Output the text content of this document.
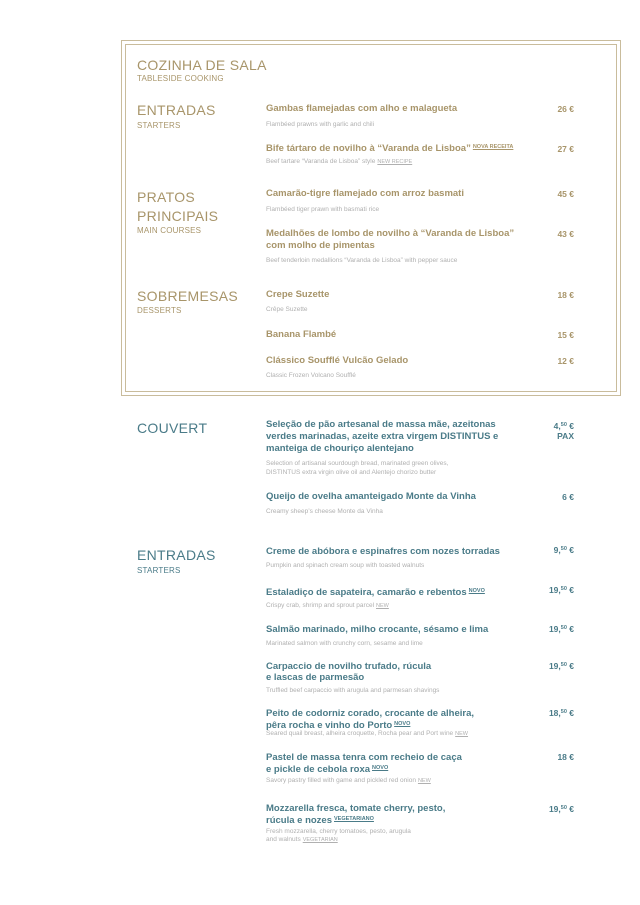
COZINHA DE SALA
TABLESIDE COOKING
ENTRADAS
STARTERS
Gambas flamejadas com alho e malagueta
Flambéed prawns with garlic and chili
26 €
Bife tártaro de novilho à “Varanda de Lisboa” $^{NOVA RECEITA}$
Beef tartare “Varanda de Lisboa” style NEW RECIPE
27 €
PRATOS
PRINCIPAIS
MAIN COURSES
Camarão-tigre flamejado com arroz basmati
Flambéed tiger prawn with basmati rice
45 €
Medalhões de lombo de novilho à “Varanda de Lisboa”
com molho de pimentas
Beef tenderloin medallions “Varanda de Lisboa” with pepper sauce
43 €
SOBREMESAS
DESSERTS
Crepe Suzette
Crêpe Suzette
18 €
Banana Flambé	15 €
Clássico Soufflé Vulcão Gelado
Classic Frozen Volcano Soufflé
12 €
COUVERT	Seleção de pão artesanal de massa mãe, azeitonas
verdes marinadas, azeite extra virgem DISTINTUS e
manteiga de chouriço alentejano
Selection of artisanal sourdough bread, marinated green olives,
DISTINTUS extra virgin olive oil and Alentejo chorizo butter
4,50 €
PAX
Queijo de ovelha amanteigado Monte da Vinha
Creamy sheep’s cheese Monte da Vinha
6 €
ENTRADAS
STARTERS
Creme de abóbora e espinafres com nozes torradas
Pumpkin and spinach cream soup with toasted walnuts
9,50 €
Estaladiço de sapateira, camarão e rebentos $^{NOVO}$
Crispy crab, shrimp and sprout parcel NEW
19,50 €
Salmão marinado, milho crocante, sésamo e lima
Marinated salmon with crunchy corn, sesame and lime
19,50 €
Carpaccio de novilho trufado, rúcula
e lascas de parmesão
Truffled beef carpaccio with arugula and parmesan shavings
19,50 €
Peito de codorniz corado, crocante de alheira,
pêra rocha e vinho do Porto $^{NOVO}$
Seared quail breast, alheira croquette, Rocha pear and Port wine NEW
18,50 €
Pastel de massa tenra com recheio de caça
e pickle de cebola roxa $^{NOVO}$
Savory pastry filled with game and pickled red onion NEW
18 €
Mozzarella fresca, tomate cherry, pesto,
rúcula e nozes $^{VEGETARIANO}$
Fresh mozzarella, cherry tomatoes, pesto, arugula
and walnuts VEGETARIAN
19,50 €
